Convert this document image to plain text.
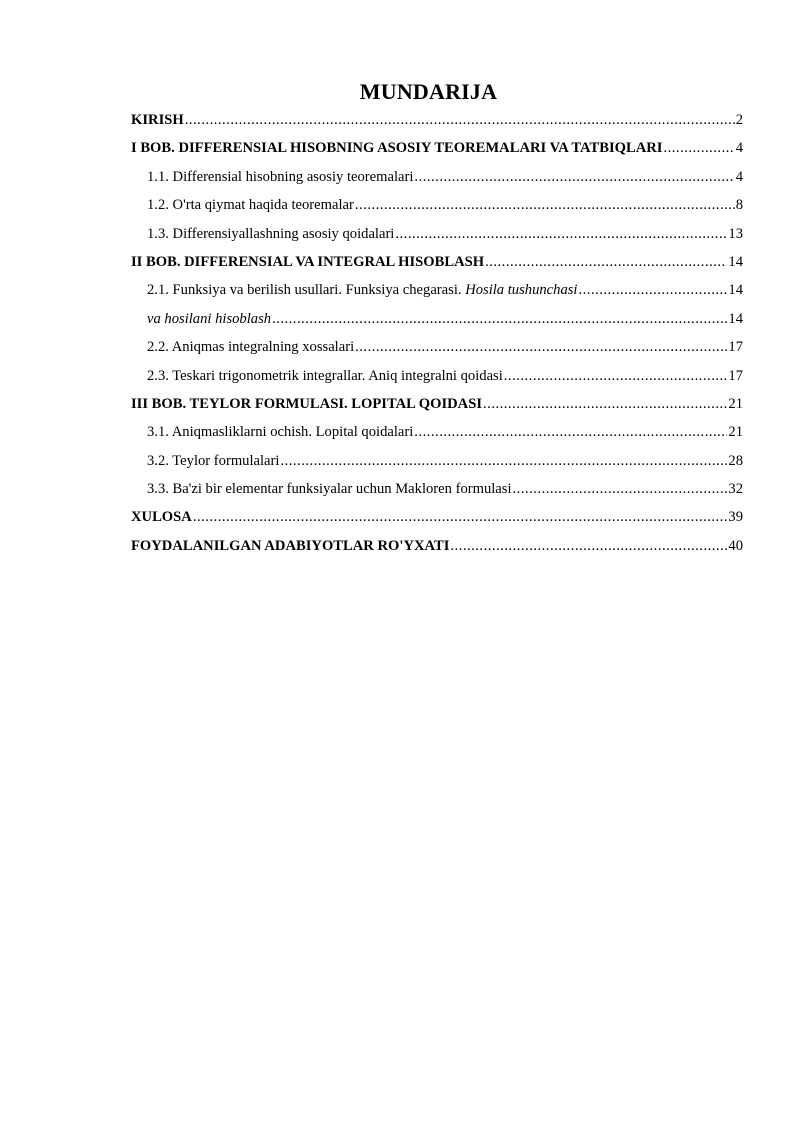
MUNDARIJA
KIRISH .....	2
I BOB. DIFFERENSIAL HISOBNING ASOSIY TEOREMALARI VA TATBIQLARI .....	4
1.1. Differensial hisobning asosiy teoremalari .....	4
1.2. O'rta qiymat haqida teoremalar .....	8
1.3. Differensiyallashning asosiy qoidalari .....	13
II BOB. DIFFERENSIAL VA INTEGRAL HISOBLASH .....	14
2.1. Funksiya va berilish usullari. Funksiya chegarasi. Hosila tushunchasi .....	14
va hosilani hisoblash .....	14
2.2. Aniqmas integralning xossalari .....	17
2.3. Teskari trigonometrik integrallar. Aniq integralni qoidasi .....	17
III BOB. TEYLOR FORMULASI. LOPITAL QOIDASI .....	21
3.1. Aniqmasliklarni ochish. Lopital qoidalari .....	21
3.2. Teylor formulalari .....	28
3.3. Ba'zi bir elementar funksiyalar uchun Makloren formulasi .....	32
XULOSA .....	39
FOYDALANILGAN ADABIYOTLAR RO'YXATI .....	40
